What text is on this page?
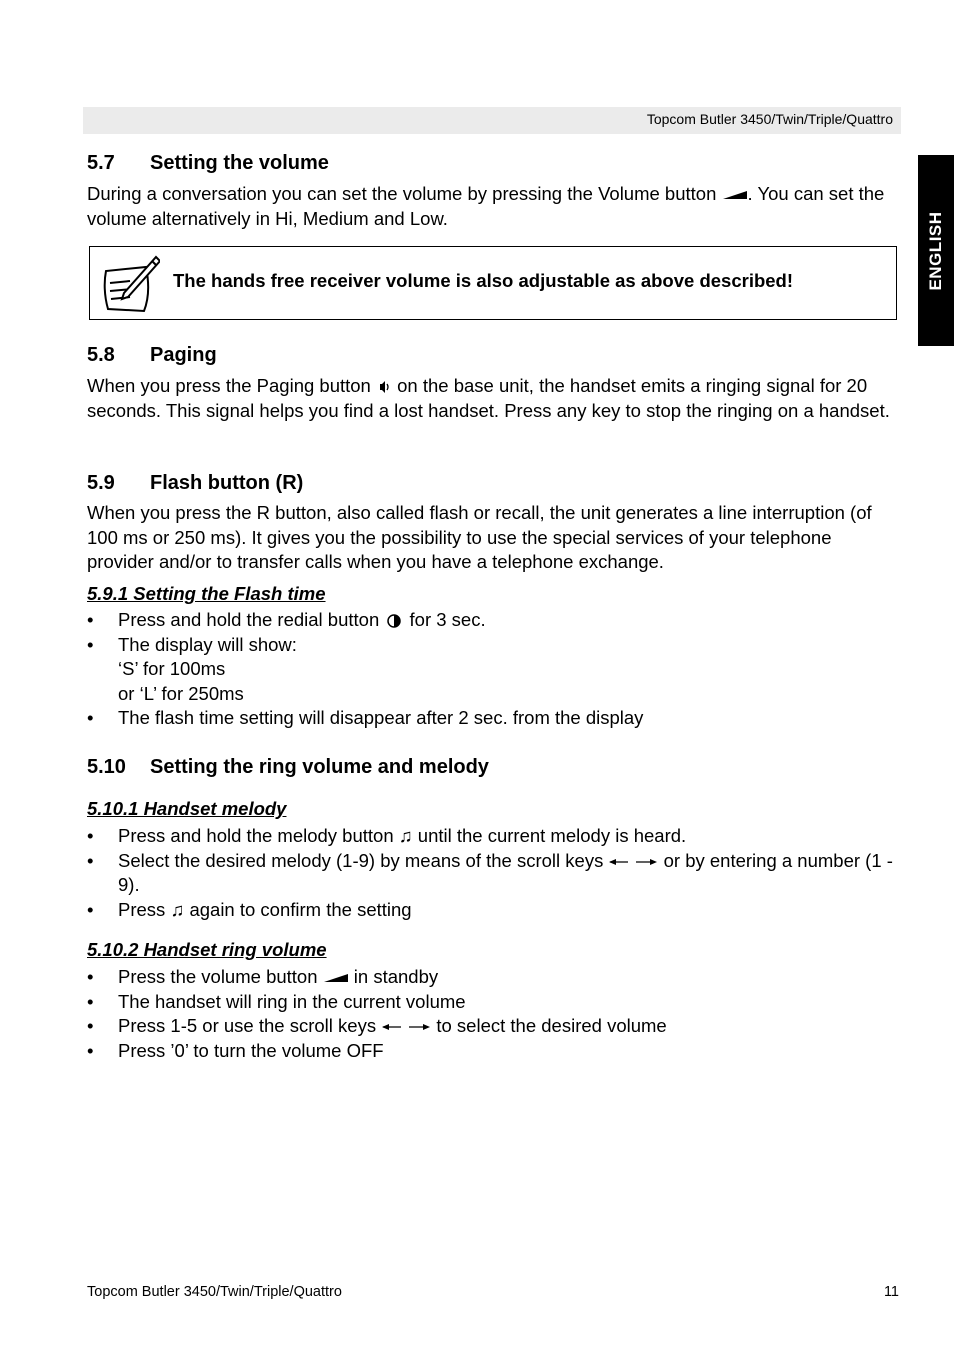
Topcom Butler 3450/Twin/Triple/Quattro
ENGLISH
5.7 Setting the volume

During a conversation you can set the volume by pressing the Volume button . You can set the volume alternatively in Hi, Medium and Low.

The hands free receiver volume is also adjustable as above described!
5.8 Paging

When you press the Paging button on the base unit, the handset emits a ringing signal for 20 seconds. This signal helps you find a lost handset. Press any key to stop the ringing on a handset.

5.9 Flash button (R)

When you press the R button, also called flash or recall, the unit generates a line interruption (of 100 ms or 250 ms). It gives you the possibility to use the special services of your telephone provider and/or to transfer calls when you have a telephone exchange.

5.9.1 Setting the Flash time
• Press and hold the redial button for 3 sec.
• The display will show:
‘S’ for 100ms
or ‘L’ for 250ms
• The flash time setting will disappear after 2 sec. from the display
5.10 Setting the ring volume and melody
5.10.1 Handset melody
• Press and hold the melody button ♫ until the current melody is heard.
• Select the desired melody (1-9) by means of the scroll keys	or by entering a number (1 - 9).
• Press ♫ again to confirm the setting
5.10.2 Handset ring volume
• Press the volume button in standby
• The handset will ring in the current volume
• Press 1-5 or use the scroll keys	to select the desired volume
• Press ’0’ to turn the volume OFF
Topcom Butler 3450/Twin/Triple/Quattro	11
